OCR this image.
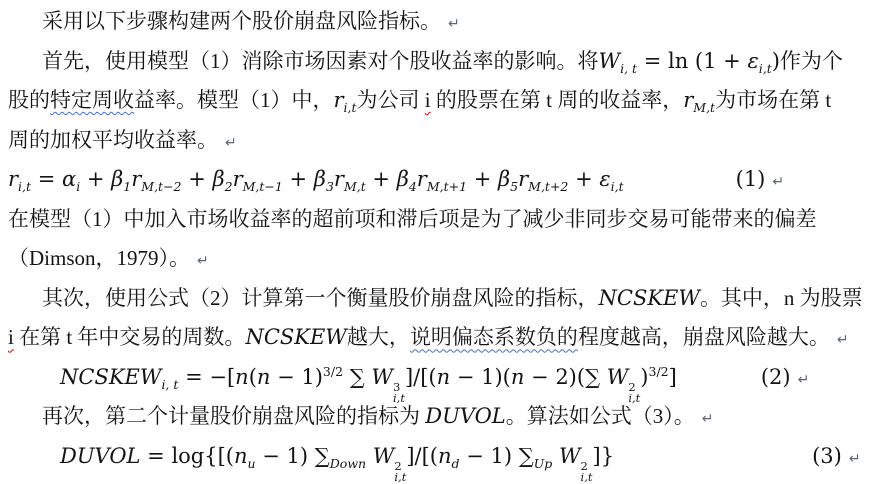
采用以下步骤构建两个股价崩盘风险指标。 ↵
首先，使用模型（1）消除市场因素对个股收益率的影响。将$W_{i, t} = \ln (1 + \varepsilon_{i,t})$作为个
股的特定周收益率。模型（1）中，$r_{i,t}$为公司 i 的股票在第 t 周的收益率，$r_{M,t}$为市场在第 t
周的加权平均收益率。 ↵
$r_{i,t} = \alpha_i + \beta_1r_{M,t-2} + \beta_2r_{M,t-1} + \beta_3r_{M,t} + \beta_4r_{M,t+1} + \beta_5r_{M,t+2} + \varepsilon_{i,t}$	(1) ↵
在模型（1）中加入市场收益率的超前项和滞后项是为了减少非同步交易可能带来的偏差
（Dimson，1979）。 ↵
其次，使用公式（2）计算第一个衡量股价崩盘风险的指标，NCSKEW。其中，n 为股票
i 在第 t 年中交易的周数。NCSKEW越大，说明偏态系数负的程度越高，崩盘风险越大。 ↵
$NCSKEW_{i, t} = -[n(n - 1)^{3/2}$ ∑ W 3
i,t
]/[(n − 1)(n − 2)(∑ W 2
i,t
)$^{3/2}$]	(2) ↵
再次，第二个计量股价崩盘风险的指标为 DUVOL。算法如公式（3）。 ↵
DUVOL = $\log\{[(n_u - 1)$ $\sum_{Down}$ W 2
i,t
]$/[(n_d - 1)$ $\sum_{Up}$ W 2
i,t
]}	(3) ↵
